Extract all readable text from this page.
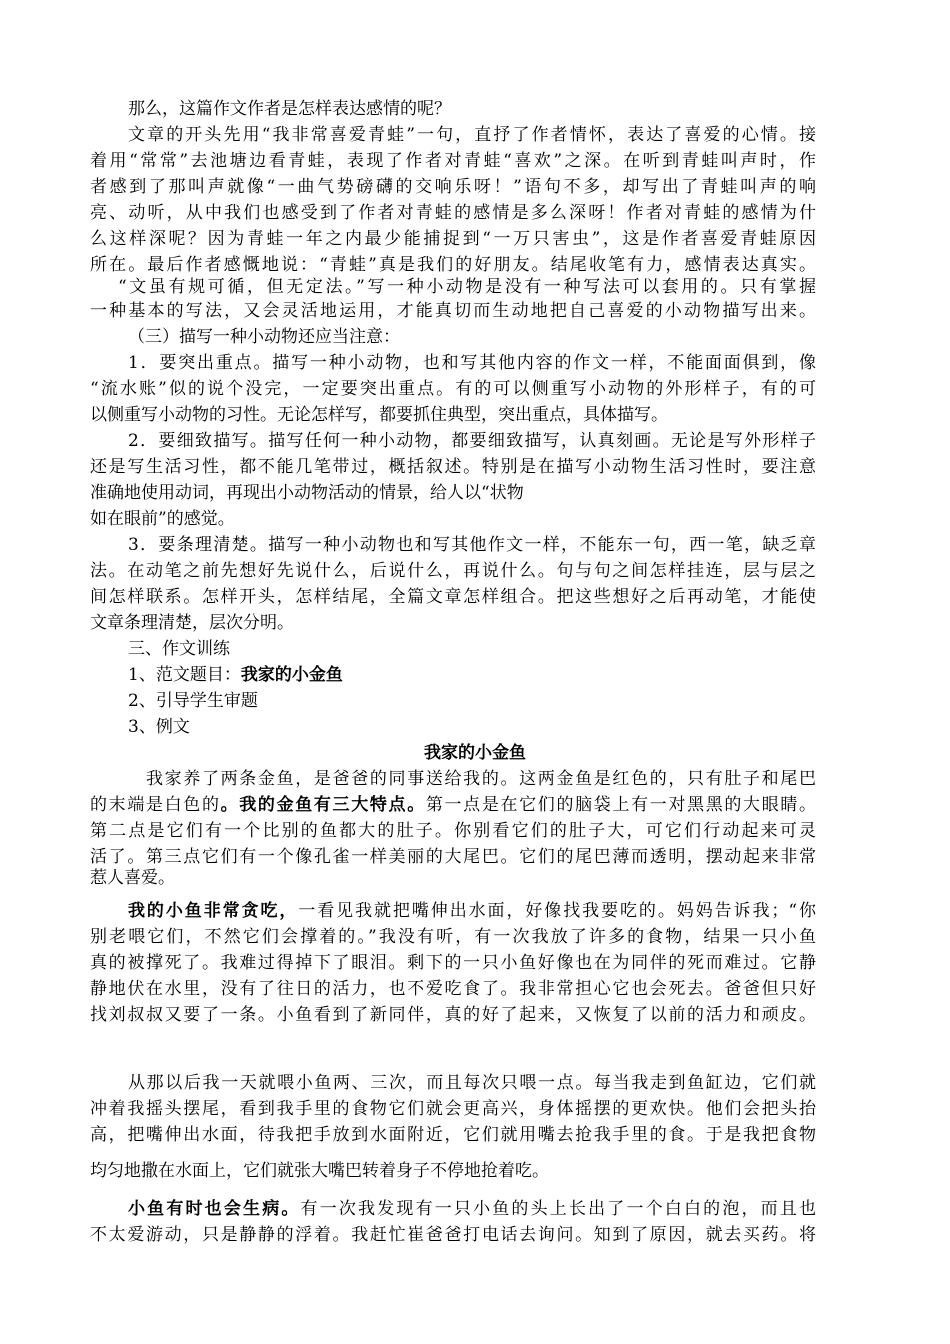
那么，这篇作文作者是怎样表达感情的呢？
文章的开头先用“我非常喜爱青蛙”一句，直抒了作者情怀，表达了喜爱的心情。接
着用“常常”去池塘边看青蛙，表现了作者对青蛙“喜欢”之深。在听到青蛙叫声时，作
者感到了那叫声就像“一曲气势磅礴的交响乐呀！”语句不多，却写出了青蛙叫声的响
亮、动听，从中我们也感受到了作者对青蛙的感情是多么深呀！作者对青蛙的感情为什
么这样深呢？因为青蛙一年之内最少能捕捉到“一万只害虫”，这是作者喜爱青蛙原因
所在。最后作者感慨地说：“青蛙”真是我们的好朋友。结尾收笔有力，感情表达真实。
“文虽有规可循，但无定法。”写一种小动物是没有一种写法可以套用的。只有掌握
一种基本的写法，又会灵活地运用，才能真切而生动地把自己喜爱的小动物描写出来。
（三）描写一种小动物还应当注意：
1．要突出重点。描写一种小动物，也和写其他内容的作文一样，不能面面俱到，像
“流水账”似的说个没完，一定要突出重点。有的可以侧重写小动物的外形样子，有的可
以侧重写小动物的习性。无论怎样写，都要抓住典型，突出重点，具体描写。
2．要细致描写。描写任何一种小动物，都要细致描写，认真刻画。无论是写外形样子
还是写生活习性，都不能几笔带过，概括叙述。特别是在描写小动物生活习性时，要注意
准确地使用动词，再现出小动物活动的情景，给人以“状物
如在眼前”的感觉。
3．要条理清楚。描写一种小动物也和写其他作文一样，不能东一句，西一笔，缺乏章
法。在动笔之前先想好先说什么，后说什么，再说什么。句与句之间怎样挂连，层与层之
间怎样联系。怎样开头，怎样结尾，全篇文章怎样组合。把这些想好之后再动笔，才能使
文章条理清楚，层次分明。
三、作文训练
1、范文题目：我家的小金鱼
2、引导学生审题
3、例文
我家的小金鱼
我家养了两条金鱼，是爸爸的同事送给我的。这两金鱼是红色的，只有肚子和尾巴
的末端是白色的。我的金鱼有三大特点。第一点是在它们的脑袋上有一对黑黑的大眼睛。
第二点是它们有一个比别的鱼都大的肚子。你别看它们的肚子大，可它们行动起来可灵
活了。第三点它们有一个像孔雀一样美丽的大尾巴。它们的尾巴薄而透明，摆动起来非常
惹人喜爱。
我的小鱼非常贪吃，一看见我就把嘴伸出水面，好像找我要吃的。妈妈告诉我；“你
别老喂它们，不然它们会撑着的。”我没有听，有一次我放了许多的食物，结果一只小鱼
真的被撑死了。我难过得掉下了眼泪。剩下的一只小鱼好像也在为同伴的死而难过。它静
静地伏在水里，没有了往日的活力，也不爱吃食了。我非常担心它也会死去。爸爸但只好
找刘叔叔又要了一条。小鱼看到了新同伴，真的好了起来，又恢复了以前的活力和顽皮。
从那以后我一天就喂小鱼两、三次，而且每次只喂一点。每当我走到鱼缸边，它们就
冲着我摇头摆尾，看到我手里的食物它们就会更高兴，身体摇摆的更欢快。他们会把头抬
高，把嘴伸出水面，待我把手放到水面附近，它们就用嘴去抢我手里的食。于是我把食物
均匀地撒在水面上，它们就张大嘴巴转着身子不停地抢着吃。
小鱼有时也会生病。有一次我发现有一只小鱼的头上长出了一个白白的泡，而且也
不太爱游动，只是静静的浮着。我赶忙崔爸爸打电话去询问。知到了原因，就去买药。将
